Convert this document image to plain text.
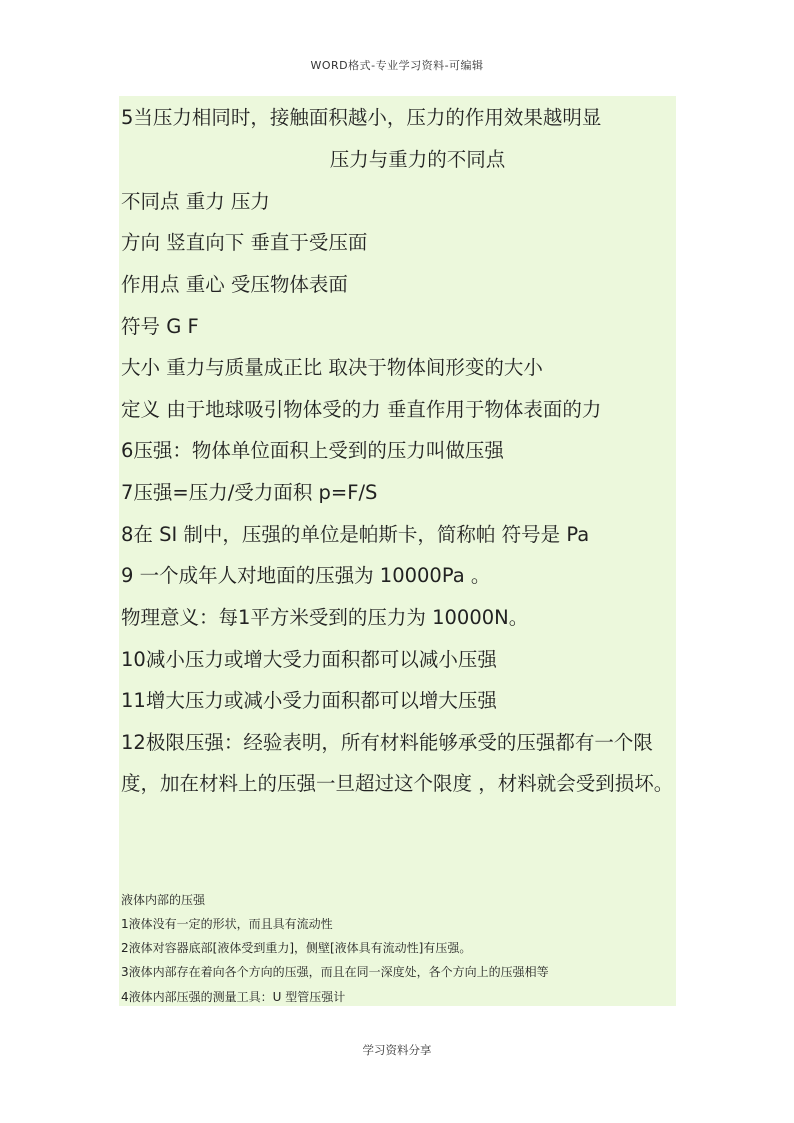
WORD格式-专业学习资料-可编辑
5当压力相同时，接触面积越小，压力的作用效果越明显
压力与重力的不同点
不同点 重力 压力
方向 竖直向下 垂直于受压面
作用点 重心 受压物体表面
符号 G F
大小 重力与质量成正比 取决于物体间形变的大小
定义 由于地球吸引物体受的力 垂直作用于物体表面的力
6压强：物体单位面积上受到的压力叫做压强
7压强=压力/受力面积 p=F/S
8在 SI 制中，压强的单位是帕斯卡，简称帕 符号是 Pa
9 一个成年人对地面的压强为 10000Pa 。
物理意义：每1平方米受到的压力为 10000N。
10减小压力或增大受力面积都可以减小压强
11增大压力或减小受力面积都可以增大压强
12极限压强：经验表明，所有材料能够承受的压强都有一个限度，加在材料上的压强一旦超过这个限度 ，材料就会受到损坏。
液体内部的压强
1液体没有一定的形状，而且具有流动性
2液体对容器底部[液体受到重力]，侧壁[液体具有流动性]有压强。
3液体内部存在着向各个方向的压强，而且在同一深度处，各个方向上的压强相等
4液体内部压强的测量工具：U 型管压强计
学习资料分享
